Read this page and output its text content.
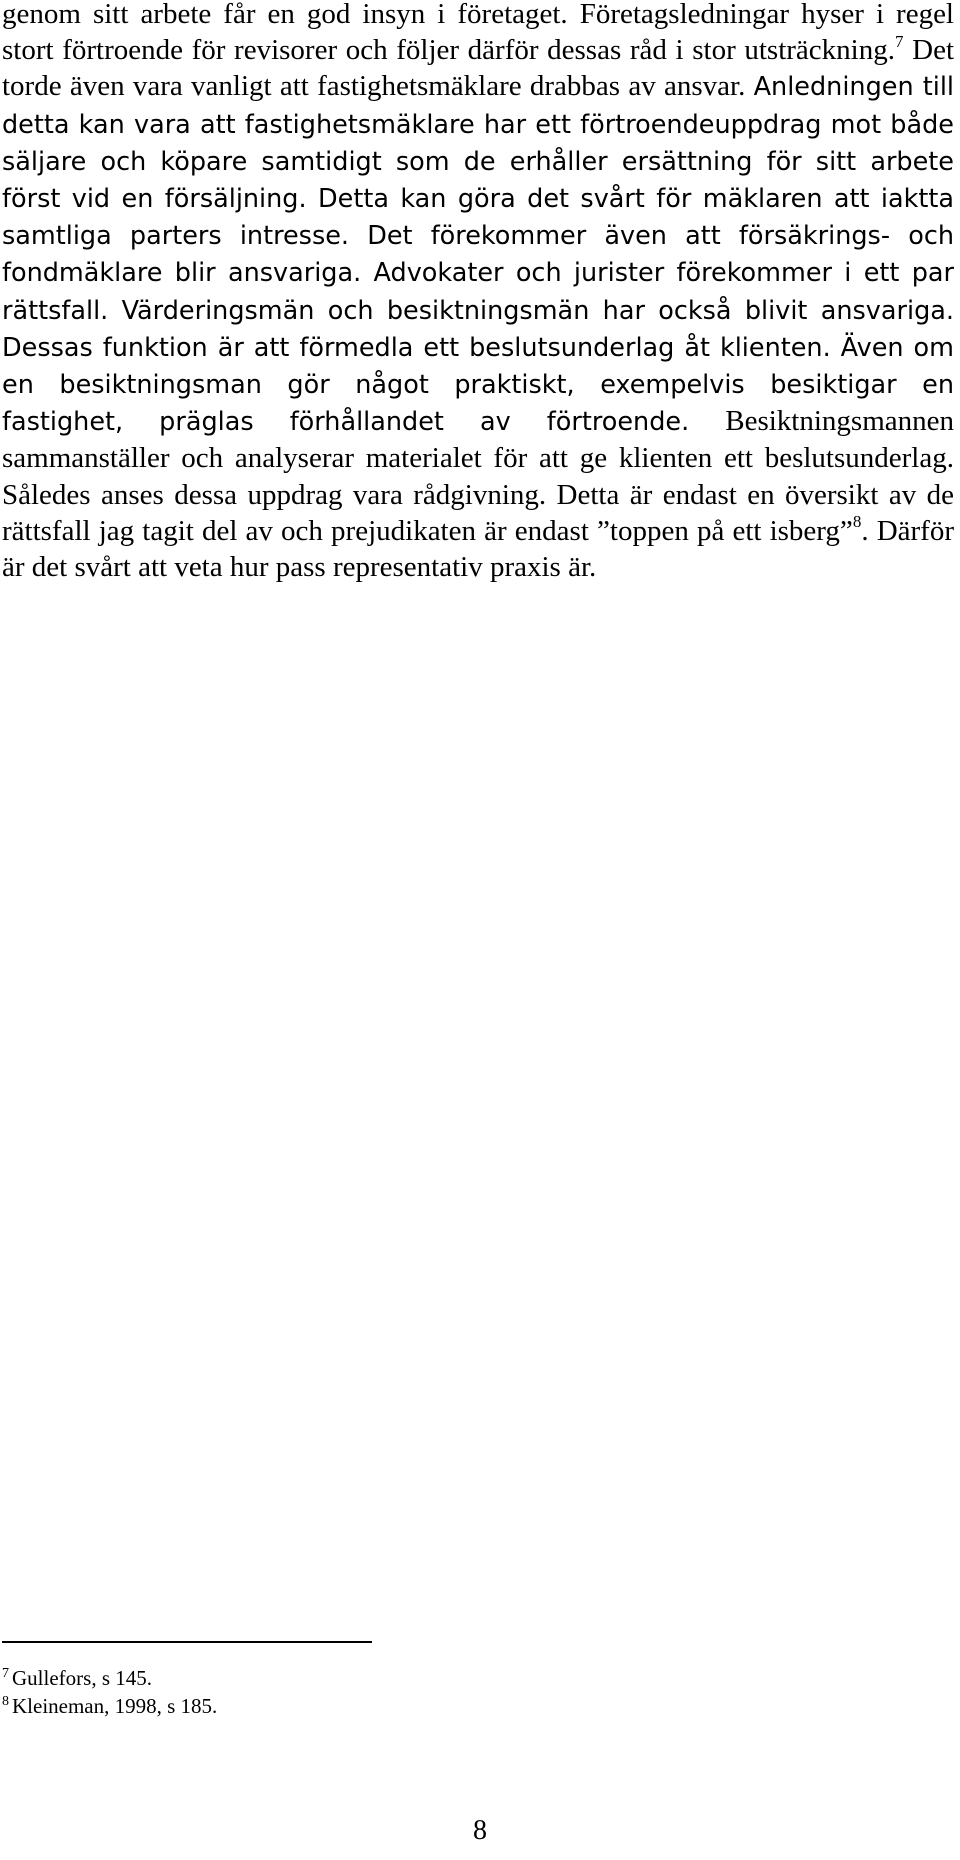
genom sitt arbete får en god insyn i företaget. Företagsledningar hyser i regel stort förtroende för revisorer och följer därför dessas råd i stor utsträckning.$^7$ Det torde även vara vanligt att fastighetsmäklare drabbas av ansvar. Anledningen till detta kan vara att fastighetsmäklare har ett förtroendeuppdrag mot både säljare och köpare samtidigt som de erhåller ersättning för sitt arbete först vid en försäljning. Detta kan göra det svårt för mäklaren att iaktta samtliga parters intresse. Det förekommer även att försäkrings- och fondmäklare blir ansvariga. Advokater och jurister förekommer i ett par rättsfall. Värderingsmän och besiktningsmän har också blivit ansvariga. Dessas funktion är att förmedla ett beslutsunderlag åt klienten. Även om en besiktningsman gör något praktiskt, exempelvis besiktigar en fastighet, präglas förhållandet av förtroende. Besiktningsmannen sammanställer och analyserar materialet för att ge klienten ett beslutsunderlag. Således anses dessa uppdrag vara rådgivning. Detta är endast en översikt av de rättsfall jag tagit del av och prejudikaten är endast ”toppen på ett isberg”$^8$. Därför är det svårt att veta hur pass representativ praxis är.

$^7$ Gullefors, s 145.
$^8$ Kleineman, 1998, s 185.
8
